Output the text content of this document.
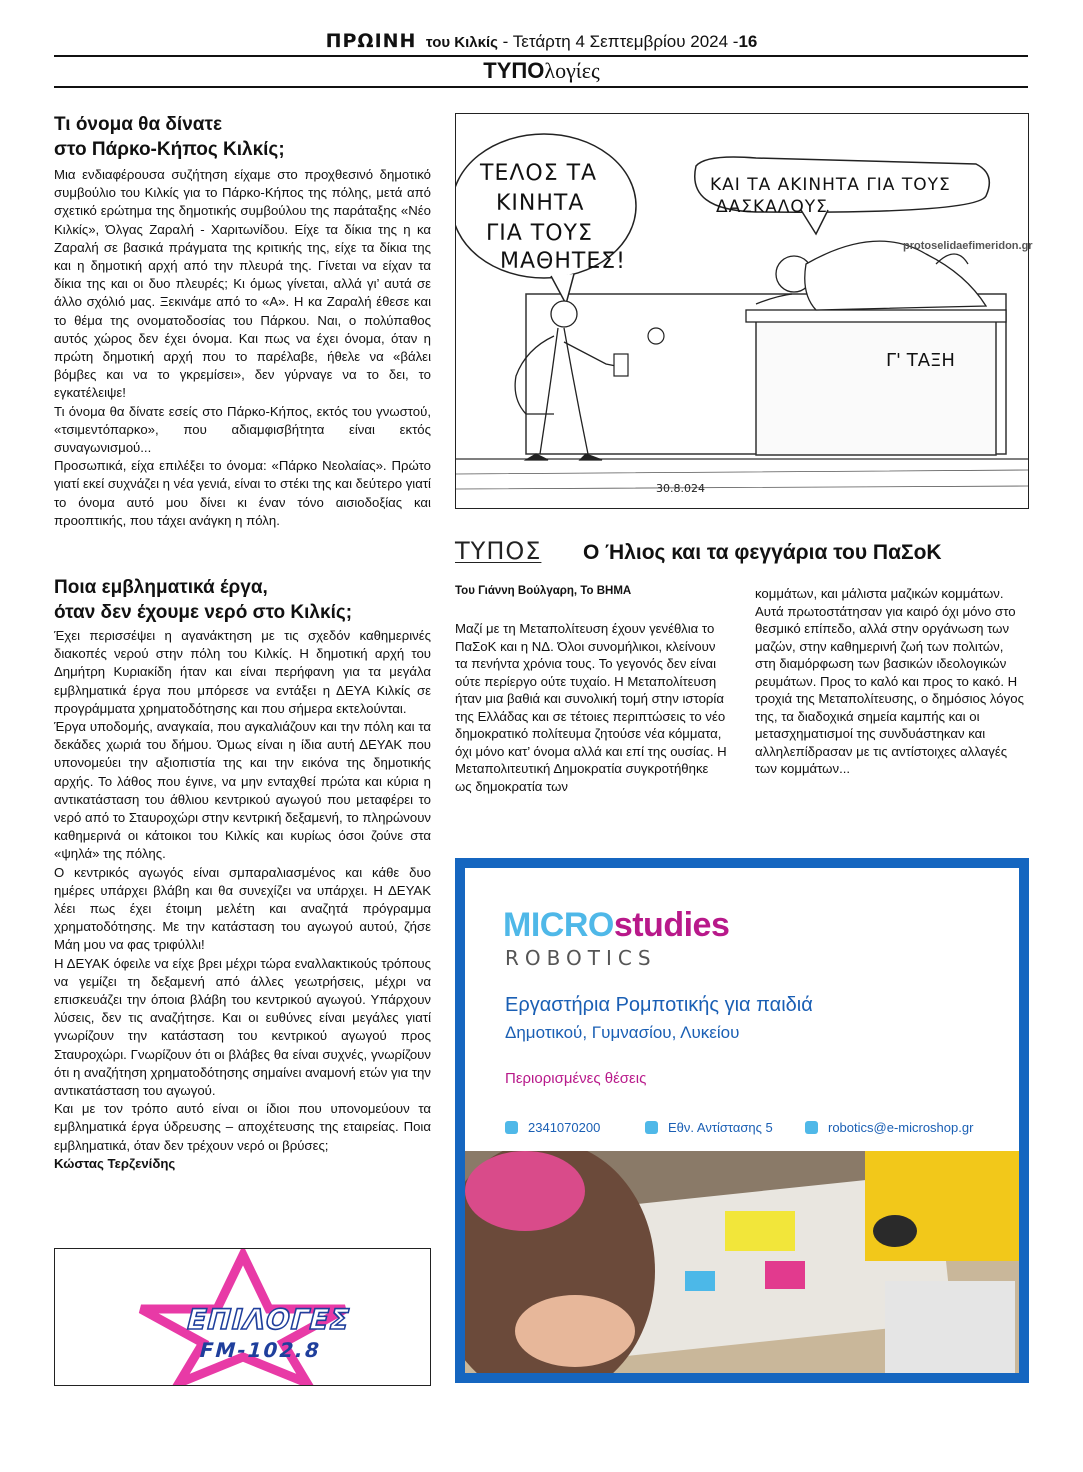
ΠΡΩΙΝΗ του Κιλκίς - Τετάρτη 4 Σεπτεμβρίου 2024 -16
ΤΥΠΟλογίες
Τι όνομα θα δίνατε
στο Πάρκο-Κήπος Κιλκίς;

Μια ενδιαφέρουσα συζήτηση είχαμε στο προχθεσινό δημοτικό συμβούλιο του Κιλκίς για το Πάρκο-Κήπος της πόλης, μετά από σχετικό ερώτημα της δημοτικής συμβούλου της παράταξης «Νέο Κιλκίς», Όλγας Ζαραλή - Χαριτωνίδου. Είχε τα δίκια της η κα Ζαραλή σε βασικά πράγματα της κριτικής της, είχε τα δίκια της και η δημοτική αρχή από την πλευρά της. Γίνεται να είχαν τα δίκια της και οι δυο πλευρές; Κι όμως γίνεται, αλλά γι’ αυτά σε άλλο σχόλιό μας. Ξεκινάμε από το «Α». Η κα Ζαραλή έθεσε και το θέμα της ονοματοδοσίας του Πάρκου. Ναι, ο πολύπαθος αυτός χώρος δεν έχει όνομα. Και πως να έχει όνομα, όταν η πρώτη δημοτική αρχή που το παρέλαβε, ήθελε να «βάλει βόμβες και να το γκρεμίσει», δεν γύρναγε να το δει, το εγκατέλειψε!

Τι όνομα θα δίνατε εσείς στο Πάρκο-Κήπος, εκτός του γνωστού, «τσιμεντόπαρκο», που αδιαμφισβήτητα είναι εκτός συναγωνισμού...

Προσωπικά, είχα επιλέξει το όνομα: «Πάρκο Νεολαίας». Πρώτο γιατί εκεί συχνάζει η νέα γενιά, είναι το στέκι της και δεύτερο γιατί το όνομα αυτό μου δίνει κι έναν τόνο αισιοδοξίας και προοπτικής, που τάχει ανάγκη η πόλη.

Ποια εμβληματικά έργα,
όταν δεν έχουμε νερό στο Κιλκίς;

Έχει περισσέψει η αγανάκτηση με τις σχεδόν καθημερινές διακοπές νερού στην πόλη του Κιλκίς. Η δημοτική αρχή του Δημήτρη Κυριακίδη ήταν και είναι περήφανη για τα μεγάλα εμβληματικά έργα που μπόρεσε να εντάξει η ΔΕΥΑ Κιλκίς σε προγράμματα χρηματοδότησης και που σήμερα εκτελούνται.

Έργα υποδομής, αναγκαία, που αγκαλιάζουν και την πόλη και τα δεκάδες χωριά του δήμου. Όμως είναι η ίδια αυτή ΔΕΥΑΚ που υπονομεύει την αξιοπιστία της και την εικόνα της δημοτικής αρχής. Το λάθος που έγινε, να μην ενταχθεί πρώτα και κύρια η αντικατάσταση του άθλιου κεντρικού αγωγού που μεταφέρει το νερό από το Σταυροχώρι στην κεντρική δεξαμενή, το πληρώνουν καθημερινά οι κάτοικοι του Κιλκίς και κυρίως όσοι ζούνε στα «ψηλά» της πόλης.

Ο κεντρικός αγωγός είναι σμπαραλιασμένος και κάθε δυο ημέρες υπάρχει βλάβη και θα συνεχίζει να υπάρχει. Η ΔΕΥΑΚ λέει πως έχει έτοιμη μελέτη και αναζητά πρόγραμμα χρηματοδότησης. Με την κατάσταση του αγωγού αυτού, ζήσε Μάη μου να φας τριφύλλι!

Η ΔΕΥΑΚ όφειλε να είχε βρει μέχρι τώρα εναλλακτικούς τρόπους να γεμίζει τη δεξαμενή από άλλες γεωτρήσεις, μέχρι να επισκευάζει την όποια βλάβη του κεντρικού αγωγού. Υπάρχουν λύσεις, δεν τις αναζήτησε. Και οι ευθύνες είναι μεγάλες γιατί γνωρίζουν την κατάσταση του κεντρικού αγωγού προς Σταυροχώρι. Γνωρίζουν ότι οι βλάβες θα είναι συχνές, γνωρίζουν ότι η αναζήτηση χρηματοδότησης σημαίνει αναμονή ετών για την αντικατάσταση του αγωγού.

Και με τον τρόπο αυτό είναι οι ίδιοι που υπονομεύουν τα εμβληματικά έργα ύδρευσης – αποχέτευσης της εταιρείας. Ποια εμβληματικά, όταν δεν τρέχουν νερό οι βρύσες;

Κώστας Τερζενίδης
ΤΕΛΟΣ ΤΑ
ΚΙΝΗΤΑ
ΓΙΑ ΤΟΥΣ
ΜΑΘΗΤΕΣ!
ΚΑΙ ΤΑ ΑΚΙΝΗΤΑ ΓΙΑ ΤΟΥΣ
ΔΑΣΚΑΛΟΥΣ
Γ' ΤΑΞΗ
30.8.024
protoselidaefimeridon.gr
ΤΥΠΟΣ Ο Ήλιος και τα φεγγάρια του ΠαΣοΚ
Του Γιάννη Βούλγαρη, Το ΒΗΜΑ
Μαζί με τη Μεταπολίτευση έχουν γενέθλια το ΠαΣοΚ και η ΝΔ. Όλοι συνομήλικοι, κλείνουν τα πενήντα χρόνια τους. Το γεγονός δεν είναι ούτε περίεργο ούτε τυχαίο. Η Μεταπολίτευση ήταν μια βαθιά και συνολική τομή στην ιστορία της Ελλάδας και σε τέτοιες περιπτώσεις το νέο δημοκρατικό πολίτευμα ζητούσε νέα κόμματα, όχι μόνο κατ’ όνομα αλλά και επί της ουσίας. Η Μεταπολιτευτική Δημοκρατία συγκροτήθηκε ως δημοκρατία των
κομμάτων, και μάλιστα μαζικών κομμάτων.
Αυτά πρωτοστάτησαν για καιρό όχι μόνο στο θεσμικό επίπεδο, αλλά στην οργάνωση των μαζών, στην καθημερινή ζωή των πολιτών, στη διαμόρφωση των βασικών ιδεολογικών ρευμάτων. Προς το καλό και προς το κακό. Η τροχιά της Μεταπολίτευσης, ο δημόσιος λόγος της, τα διαδοχικά σημεία καμπής και οι μετασχηματισμοί της συνδυάστηκαν και αλληλεπίδρασαν με τις αντίστοιχες αλλαγές των κομμάτων...
MICROstudies
ROBOTICS
Εργαστήρια Ρομποτικής για παιδιά
Δημοτικού, Γυμνασίου, Λυκείου
Περιορισμένες θέσεις
2341070200	Εθν. Αντίστασης 5	robotics@e-microshop.gr
ΕΠΙΛΟΓΕΣ
FM-102.8
